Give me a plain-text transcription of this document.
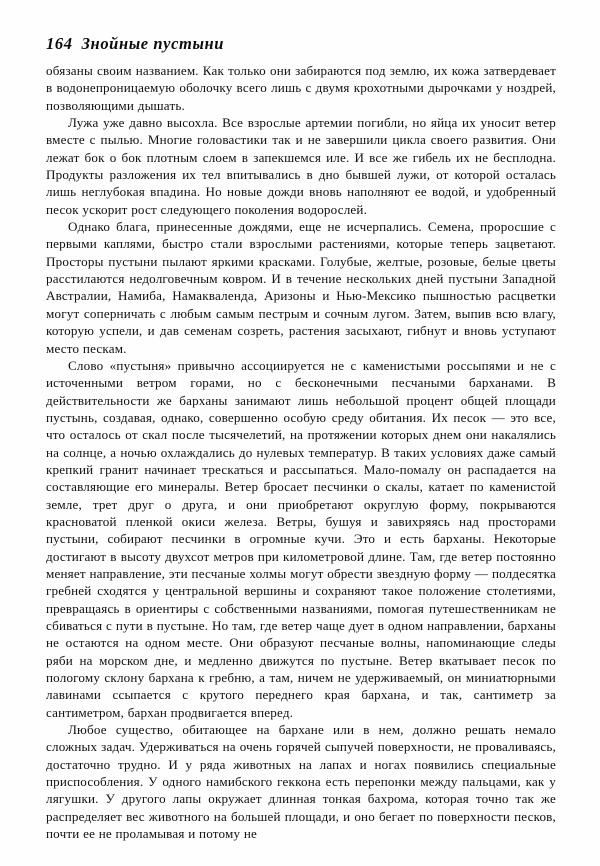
164 Знойные пустыни

обязаны своим названием. Как только они забираются под землю, их кожа затвердевает в водонепроницаемую оболочку всего лишь с двумя крохотными дырочками у ноздрей, позволяющими дышать.

Лужа уже давно высохла. Все взрослые артемии погибли, но яйца их уносит ветер вместе с пылью. Многие головастики так и не завершили цикла своего развития. Они лежат бок о бок плотным слоем в запекшемся иле. И все же гибель их не бесплодна. Продукты разложения их тел впитывались в дно бывшей лужи, от которой осталась лишь неглубокая впадина. Но новые дожди вновь наполняют ее водой, и удобренный песок ускорит рост следующего поколения водорослей.

Однако блага, принесенные дождями, еще не исчерпались. Семена, проросшие с первыми каплями, быстро стали взрослыми растениями, которые теперь зацветают. Просторы пустыни пылают яркими красками. Голубые, желтые, розовые, белые цветы расстилаются недолговечным ковром. И в течение нескольких дней пустыни Западной Австралии, Намиба, Намакваленда, Аризоны и Нью-Мексико пышностью расцветки могут соперничать с любым самым пестрым и сочным лугом. Затем, выпив всю влагу, которую успели, и дав семенам созреть, растения засыхают, гибнут и вновь уступают место пескам.

Слово «пустыня» привычно ассоциируется не с каменистыми россыпями и не с источенными ветром горами, но с бесконечными песчаными барханами. В действительности же барханы занимают лишь небольшой процент общей площади пустынь, создавая, однако, совершенно особую среду обитания. Их песок — это все, что осталось от скал после тысячелетий, на протяжении которых днем они накалялись на солнце, а ночью охлаждались до нулевых температур. В таких условиях даже самый крепкий гранит начинает трескаться и рассыпаться. Мало-помалу он распадается на составляющие его минералы. Ветер бросает песчинки о скалы, катает по каменистой земле, трет друг о друга, и они приобретают округлую форму, покрываются красноватой пленкой окиси железа. Ветры, бушуя и завихряясь над просторами пустыни, собирают песчинки в огромные кучи. Это и есть барханы. Некоторые достигают в высоту двухсот метров при километровой длине. Там, где ветер постоянно меняет направление, эти песчаные холмы могут обрести звездную форму — полдесятка гребней сходятся у центральной вершины и сохраняют такое положение столетиями, превращаясь в ориентиры с собственными названиями, помогая путешественникам не сбиваться с пути в пустыне. Но там, где ветер чаще дует в одном направлении, барханы не остаются на одном месте. Они образуют песчаные волны, напоминающие следы ряби на морском дне, и медленно движутся по пустыне. Ветер вкатывает песок по пологому склону бархана к гребню, а там, ничем не удерживаемый, он миниатюрными лавинами ссыпается с крутого переднего края бархана, и так, сантиметр за сантиметром, бархан продвигается вперед.

Любое существо, обитающее на бархане или в нем, должно решать немало сложных задач. Удерживаться на очень горячей сыпучей поверхности, не проваливаясь, достаточно трудно. И у ряда животных на лапах и ногах появились специальные приспособления. У одного намибского геккона есть перепонки между пальцами, как у лягушки. У другого лапы окружает длинная тонкая бахрома, которая точно так же распределяет вес животного на большей площади, и оно бегает по поверхности песков, почти ее не проламывая и потому не
